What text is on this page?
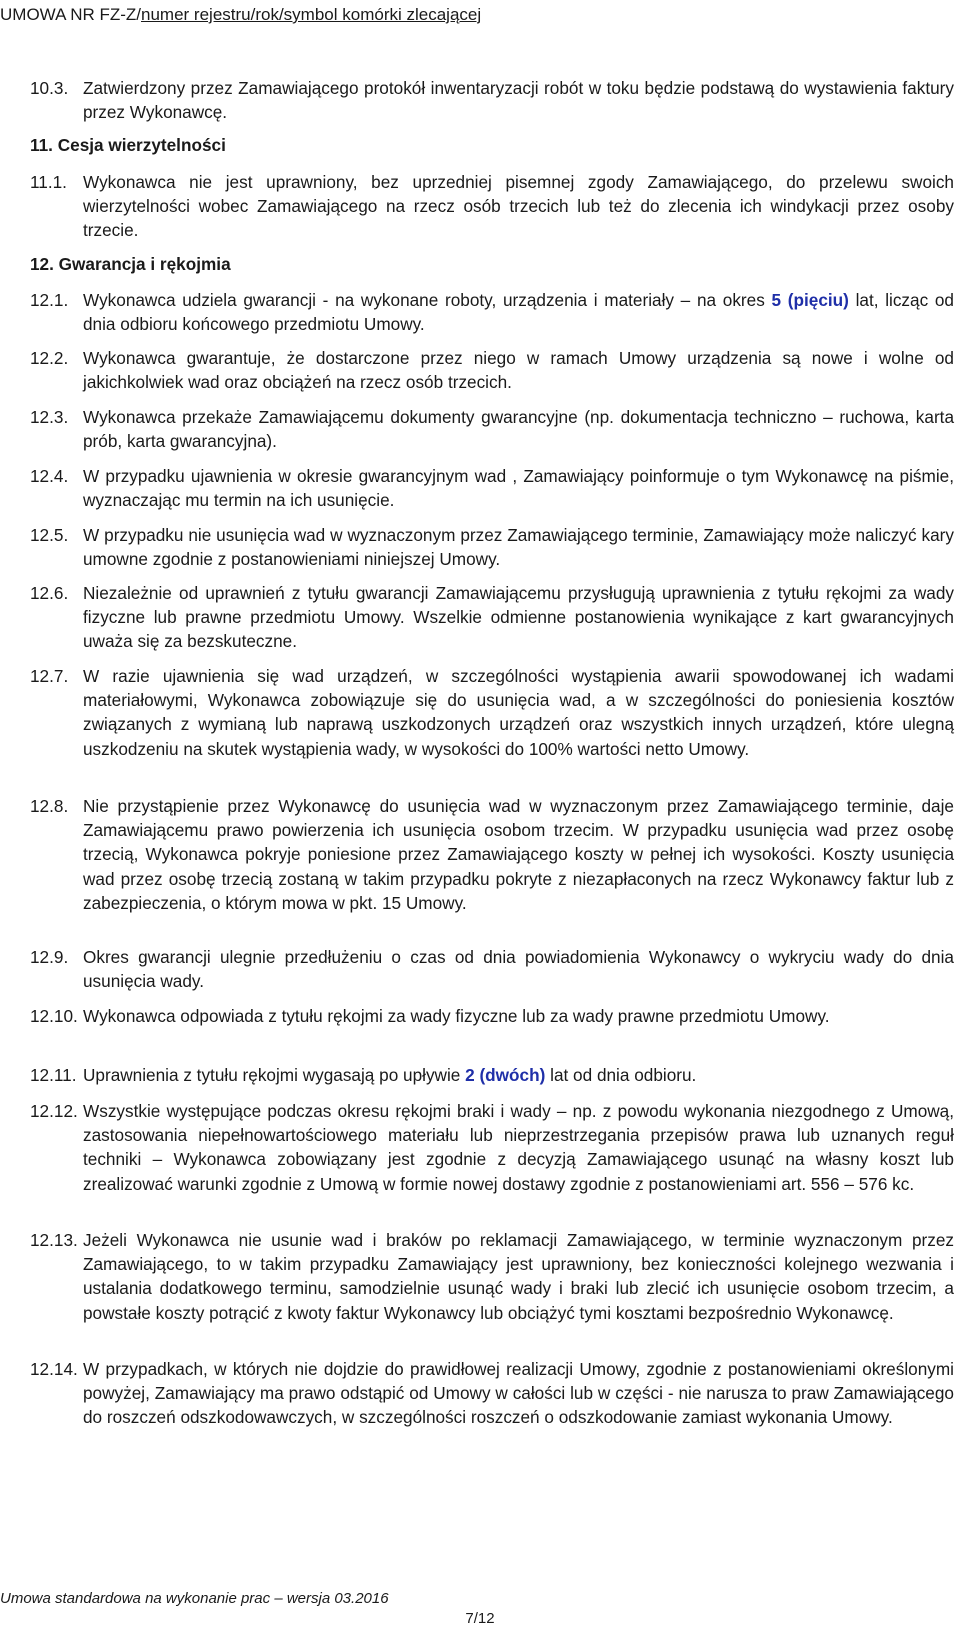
UMOWA NR FZ-Z/numer rejestru/rok/symbol komórki zlecającej
10.3. Zatwierdzony przez Zamawiającego protokół inwentaryzacji robót w toku będzie podstawą do wystawienia faktury przez Wykonawcę.
11. Cesja wierzytelności
11.1. Wykonawca nie jest uprawniony, bez uprzedniej pisemnej zgody Zamawiającego, do przelewu swoich wierzytelności wobec Zamawiającego na rzecz osób trzecich lub też do zlecenia ich windykacji przez osoby trzecie.
12. Gwarancja i rękojmia
12.1. Wykonawca udziela gwarancji - na wykonane roboty, urządzenia i materiały – na okres 5 (pięciu) lat, licząc od dnia odbioru końcowego przedmiotu Umowy.
12.2. Wykonawca gwarantuje, że dostarczone przez niego w ramach Umowy urządzenia są nowe i wolne od jakichkolwiek wad oraz obciążeń na rzecz osób trzecich.
12.3. Wykonawca przekaże Zamawiającemu dokumenty gwarancyjne (np. dokumentacja techniczno – ruchowa, karta prób, karta gwarancyjna).
12.4. W przypadku ujawnienia w okresie gwarancyjnym wad , Zamawiający poinformuje o tym Wykonawcę na piśmie, wyznaczając mu termin na ich usunięcie.
12.5. W przypadku nie usunięcia wad w wyznaczonym przez Zamawiającego terminie, Zamawiający może naliczyć kary umowne zgodnie z postanowieniami niniejszej Umowy.
12.6. Niezależnie od uprawnień z tytułu gwarancji Zamawiającemu przysługują uprawnienia z tytułu rękojmi za wady fizyczne lub prawne przedmiotu Umowy. Wszelkie odmienne postanowienia wynikające z kart gwarancyjnych uważa się za bezskuteczne.
12.7. W razie ujawnienia się wad urządzeń, w szczególności wystąpienia awarii spowodowanej ich wadami materiałowymi, Wykonawca zobowiązuje się do usunięcia wad, a w szczególności do poniesienia kosztów związanych z wymianą lub naprawą uszkodzonych urządzeń oraz wszystkich innych urządzeń, które ulegną uszkodzeniu na skutek wystąpienia wady, w wysokości do 100% wartości netto Umowy.
12.8. Nie przystąpienie przez Wykonawcę do usunięcia wad w wyznaczonym przez Zamawiającego terminie, daje Zamawiającemu prawo powierzenia ich usunięcia osobom trzecim. W przypadku usunięcia wad przez osobę trzecią, Wykonawca pokryje poniesione przez Zamawiającego koszty w pełnej ich wysokości. Koszty usunięcia wad przez osobę trzecią zostaną w takim przypadku pokryte z niezapłaconych na rzecz Wykonawcy faktur lub z zabezpieczenia, o którym mowa w pkt. 15 Umowy.
12.9. Okres gwarancji ulegnie przedłużeniu o czas od dnia powiadomienia Wykonawcy o wykryciu wady do dnia usunięcia wady.
12.10. Wykonawca odpowiada z tytułu rękojmi za wady fizyczne lub za wady prawne przedmiotu Umowy.
12.11. Uprawnienia z tytułu rękojmi wygasają po upływie 2 (dwóch) lat od dnia odbioru.
12.12. Wszystkie występujące podczas okresu rękojmi braki i wady – np. z powodu wykonania niezgodnego z Umową, zastosowania niepełnowartościowego materiału lub nieprzestrzegania przepisów prawa lub uznanych reguł techniki – Wykonawca zobowiązany jest zgodnie z decyzją Zamawiającego usunąć na własny koszt lub zrealizować warunki zgodnie z Umową w formie nowej dostawy zgodnie z postanowieniami art. 556 – 576 kc.
12.13. Jeżeli Wykonawca nie usunie wad i braków po reklamacji Zamawiającego, w terminie wyznaczonym przez Zamawiającego, to w takim przypadku Zamawiający jest uprawniony, bez konieczności kolejnego wezwania i ustalania dodatkowego terminu, samodzielnie usunąć wady i braki lub zlecić ich usunięcie osobom trzecim, a powstałe koszty potrącić z kwoty faktur Wykonawcy lub obciążyć tymi kosztami bezpośrednio Wykonawcę.
12.14. W przypadkach, w których nie dojdzie do prawidłowej realizacji Umowy, zgodnie z postanowieniami określonymi powyżej, Zamawiający ma prawo odstąpić od Umowy w całości lub w części - nie narusza to praw Zamawiającego do roszczeń odszkodowawczych, w szczególności roszczeń o odszkodowanie zamiast wykonania Umowy.
Umowa standardowa na wykonanie prac – wersja 03.2016
7/12
